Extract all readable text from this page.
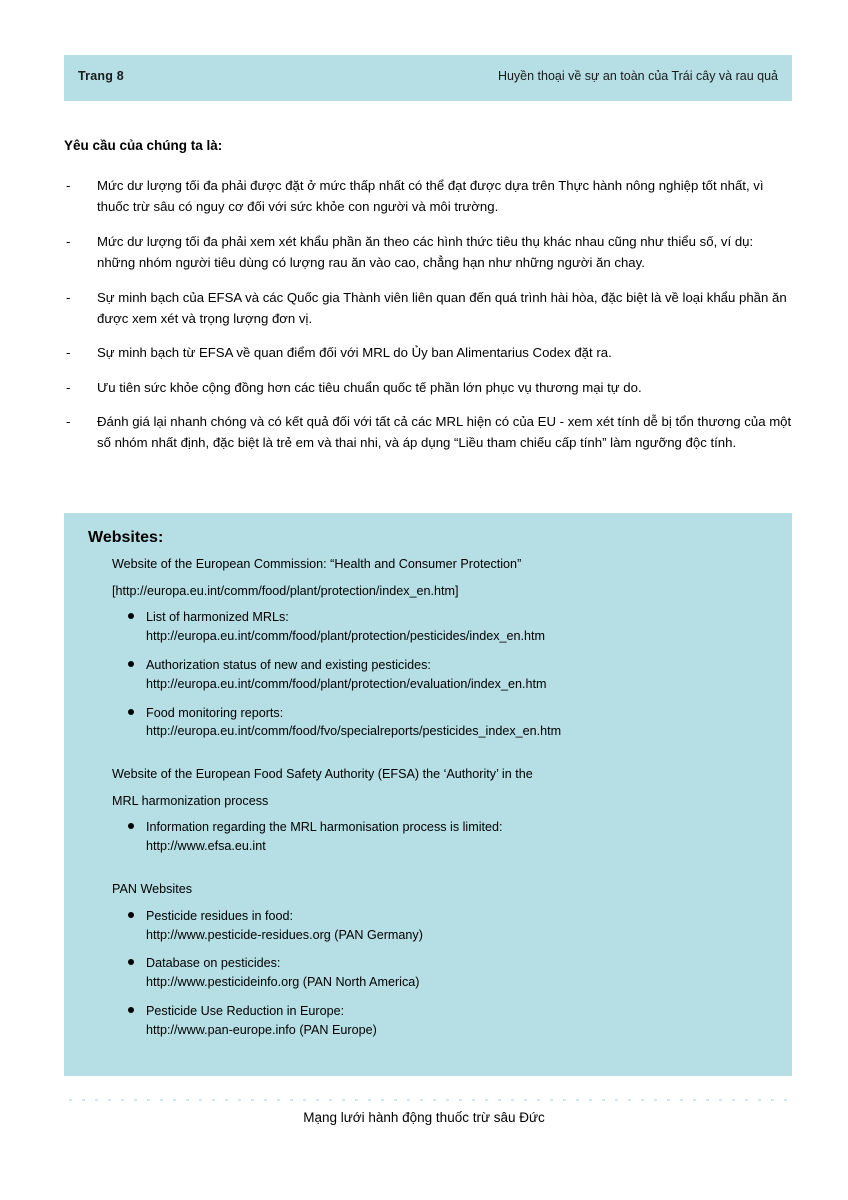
Trang 8	Huyền thoại về sự an toàn của Trái cây và rau quả

Yêu cầu của chúng ta là:

- Mức dư lượng tối đa phải được đặt ở mức thấp nhất có thể đạt được dựa trên Thực hành nông nghiệp tốt nhất, vì thuốc trừ sâu có nguy cơ đối với sức khỏe con người và môi trường.
- Mức dư lượng tối đa phải xem xét khẩu phần ăn theo các hình thức tiêu thụ khác nhau cũng như thiểu số, ví dụ: những nhóm người tiêu dùng có lượng rau ăn vào cao, chẳng hạn như những người ăn chay.
- Sự minh bạch của EFSA và các Quốc gia Thành viên liên quan đến quá trình hài hòa, đặc biệt là về loại khẩu phần ăn được xem xét và trọng lượng đơn vị.
- Sự minh bạch từ EFSA về quan điểm đối với MRL do Ủy ban Alimentarius Codex đặt ra.
- Ưu tiên sức khỏe cộng đồng hơn các tiêu chuẩn quốc tế phần lớn phục vụ thương mại tự do.
- Đánh giá lại nhanh chóng và có kết quả đối với tất cả các MRL hiện có của EU - xem xét tính dễ bị tổn thương của một số nhóm nhất định, đặc biệt là trẻ em và thai nhi, và áp dụng “Liều tham chiếu cấp tính” làm ngưỡng độc tính.
Websites:

Website of the European Commission: “Health and Consumer Protection”

[http://europa.eu.int/comm/food/plant/protection/index_en.htm]

List of harmonized MRLs:
http://europa.eu.int/comm/food/plant/protection/pesticides/index_en.htm
Authorization status of new and existing pesticides:
http://europa.eu.int/comm/food/plant/protection/evaluation/index_en.htm
Food monitoring reports:
http://europa.eu.int/comm/food/fvo/specialreports/pesticides_index_en.htm

Website of the European Food Safety Authority (EFSA) the ‘Authority’ in the

MRL harmonization process

Information regarding the MRL harmonisation process is limited:
http://www.efsa.eu.int

PAN Websites

Pesticide residues in food:
http://www.pesticide-residues.org (PAN Germany)
Database on pesticides:
http://www.pesticideinfo.org (PAN North America)
Pesticide Use Reduction in Europe:
http://www.pan-europe.info (PAN Europe)
Mạng lưới hành động thuốc trừ sâu Đức
